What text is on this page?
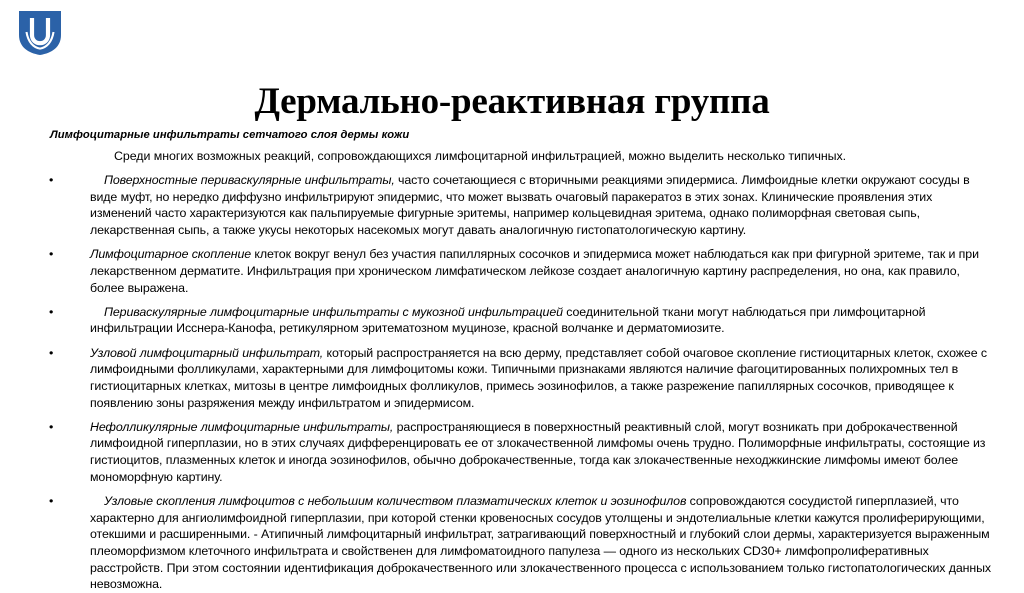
Дермально-реактивная группа

Лимфоцитарные инфильтраты сетчатого слоя дермы кожи

Среди многих возможных реакций, сопровождающихся лимфоцитарной инфильтрацией, можно выделить несколько типичных.

•	Поверхностные периваскулярные инфильтраты, часто сочетающиеся с вторичными реакциями эпидермиса. Лимфоидные клетки окружают сосуды в виде муфт, но нередко диффузно инфильтрируют эпидермис, что может вызвать очаговый паракератоз в этих зонах. Клинические проявления этих изменений часто характеризуются как пальпируемые фигурные эритемы, например кольцевидная эритема, однако полиморфная световая сыпь, лекарственная сыпь, а также укусы некоторых насекомых могут давать аналогичную гистопатологическую картину.
•	Лимфоцитарное скопление клеток вокруг венул без участия папиллярных сосочков и эпидермиса может наблюдаться как при фигурной эритеме, так и при лекарственном дерматите. Инфильтрация при хроническом лимфатическом лейкозе создает аналогичную картину распределения, но она, как правило, более выражена.
•	Периваскулярные лимфоцитарные инфильтраты с мукозной инфильтрацией соединительной ткани могут наблюдаться при лимфоцитарной инфильтрации Исснера-Канофа, ретикулярном эритематозном муцинозе, красной волчанке и дерматомиозите.
•	Узловой лимфоцитарный инфильтрат, который распространяется на всю дерму, представляет собой очаговое скопление гистиоцитарных клеток, схожее с лимфоидными фолликулами, характерными для лимфоцитомы кожи. Типичными признаками являются наличие фагоцитированных полихромных тел в гистиоцитарных клетках, митозы в центре лимфоидных фолликулов, примесь эозинофилов, а также разрежение папиллярных сосочков, приводящее к появлению зоны разряжения между инфильтратом и эпидермисом.
•	Нефолликулярные лимфоцитарные инфильтраты, распространяющиеся в поверхностный реактивный слой, могут возникать при доброкачественной лимфоидной гиперплазии, но в этих случаях дифференцировать ее от злокачественной лимфомы очень трудно. Полиморфные инфильтраты, состоящие из гистиоцитов, плазменных клеток и иногда эозинофилов, обычно доброкачественные, тогда как злокачественные неходжкинские лимфомы имеют более мономорфную картину.
•	Узловые скопления лимфоцитов с небольшим количеством плазматических клеток и эозинофилов сопровождаются сосудистой гиперплазией, что характерно для ангиолимфоидной гиперплазии, при которой стенки кровеносных сосудов утолщены и эндотелиальные клетки кажутся пролиферирующими, отекшими и расширенными. - Атипичный лимфоцитарный инфильтрат, затрагивающий поверхностный и глубокий слои дермы, характеризуется выраженным плеоморфизмом клеточного инфильтрата и свойственен для лимфоматоидного папулеза — одного из нескольких CD30+ лимфопролиферативных расстройств. При этом состоянии идентификация доброкачественного или злокачественного процесса с использованием только гистопатологических данных невозможна.
